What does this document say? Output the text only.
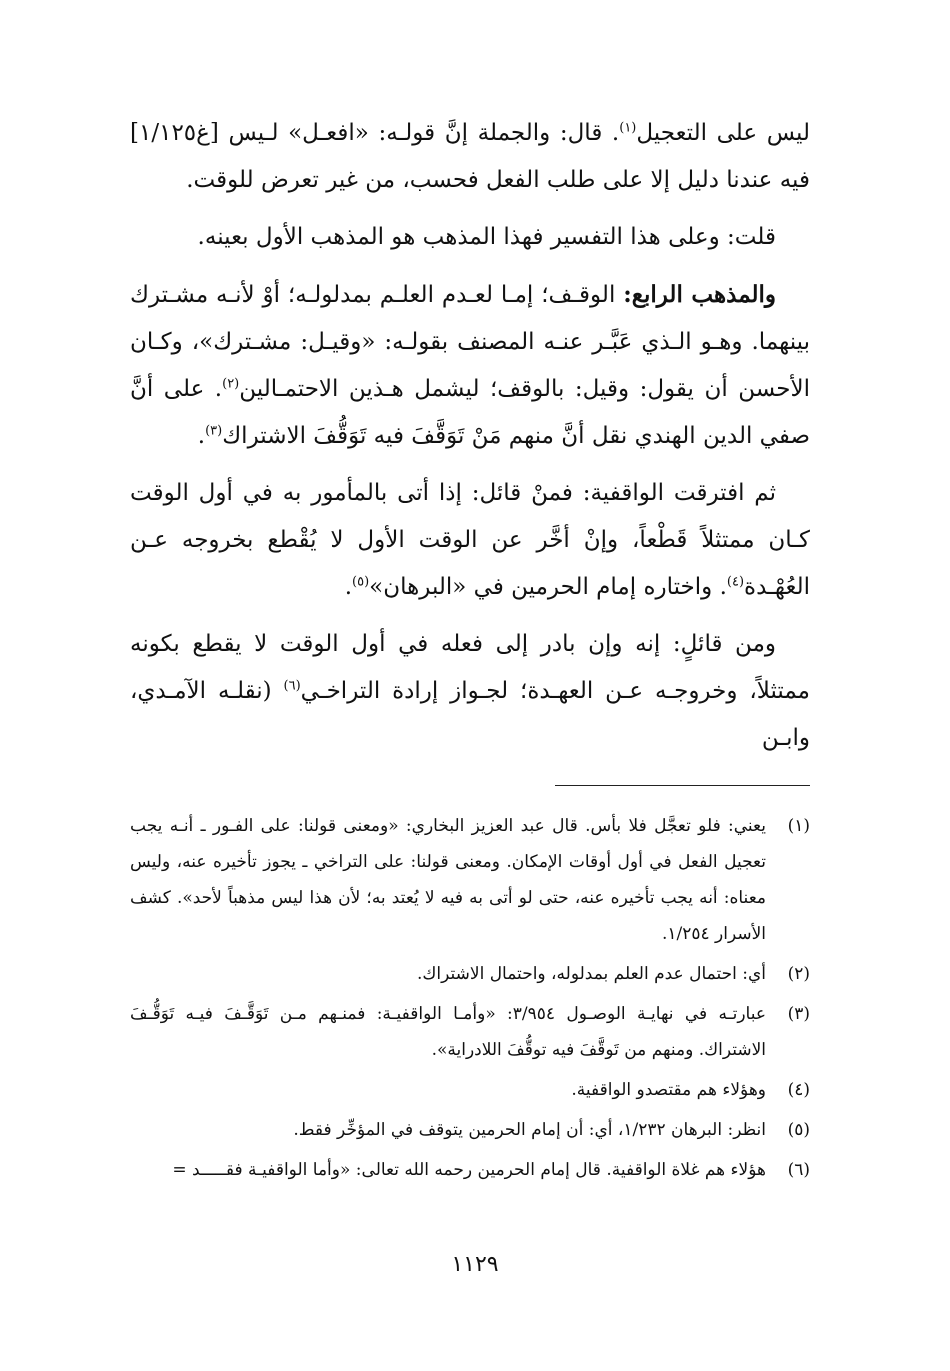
ليس على التعجيل$^{(١)}$. قال: والجملة إنَّ قولـه: «افعـل» لـيس [غ١/١٢٥] فيه عندنا دليل إلا على طلب الفعل فحسب، من غير تعرض للوقت.

قلت: وعلى هذا التفسير فهذا المذهب هو المذهب الأول بعينه.

والمذهب الرابع: الوقـف؛ إمـا لعـدم العلـم بمدلولـه؛ أوْ لأنـه مشـترك بينهما. وهـو الـذي عَبَّـر عنـه المصنف بقولـه: «وقيـل: مشـترك»، وكـان الأحسن أن يقول: وقيل: بالوقف؛ ليشمل هـذين الاحتمـالين$^{(٢)}$. على أنَّ صفي الدين الهندي نقل أنَّ منهم مَنْ تَوَقَّفَ فيه تَوَقُّفَ الاشتراك$^{(٣)}$.

ثم افترقت الواقفية: فمنْ قائل: إذا أتى بالمأمور به في أول الوقت كـان ممتثلاً قَطْعاً، وإنْ أخَّر عن الوقت الأول لا يُقْطع بخروجه عـن العُهْـدة$^{(٤)}$. واختاره إمام الحرمين في «البرهان»$^{(٥)}$.

ومن قائلٍ: إنه وإن بادر إلى فعله في أول الوقت لا يقطع بكونه ممتثلاً، وخروجـه عـن العهـدة؛ لجـواز إرادة التراخـي$^{(٦)}$ (نقلـه الآمـدي، وابـن

(١)
يعني: فلو تعجَّل فلا بأس. قال عبد العزيز البخاري: «ومعنى قولنا: على الفـور ـ أنـه يجب تعجيل الفعل في أول أوقات الإمكان. ومعنى قولنا: على التراخي ـ يجوز تأخيره عنه، وليس معناه: أنه يجب تأخيره عنه، حتى لو أتى به فيه لا يُعتد به؛ لأن هذا ليس مذهباً لأحد». كشف الأسرار ١/٢٥٤.
(٢)
أي: احتمال عدم العلم بمدلوله، واحتمال الاشتراك.
(٣)
عبارتـه في نهايـة الوصـول ٣/٩٥٤: «وأمـا الواقفيـة: فمنـهم مـن تَوَقَّـفَ فيـه تَوَقُّـفَ الاشتراك. ومنهم من تَوقَّفَ فيه توقُّفَ اللادراية».
(٤)
وهؤلاء هم مقتصدو الواقفية.
(٥)
انظر: البرهان ١/٢٣٢، أي: أن إمام الحرمين يتوقف في المؤخِّر فقط.
(٦)
هؤلاء هم غلاة الواقفية. قال إمام الحرمين رحمه الله تعالى: «وأما الواقفيـة فقـــــد =
١١٢٩
